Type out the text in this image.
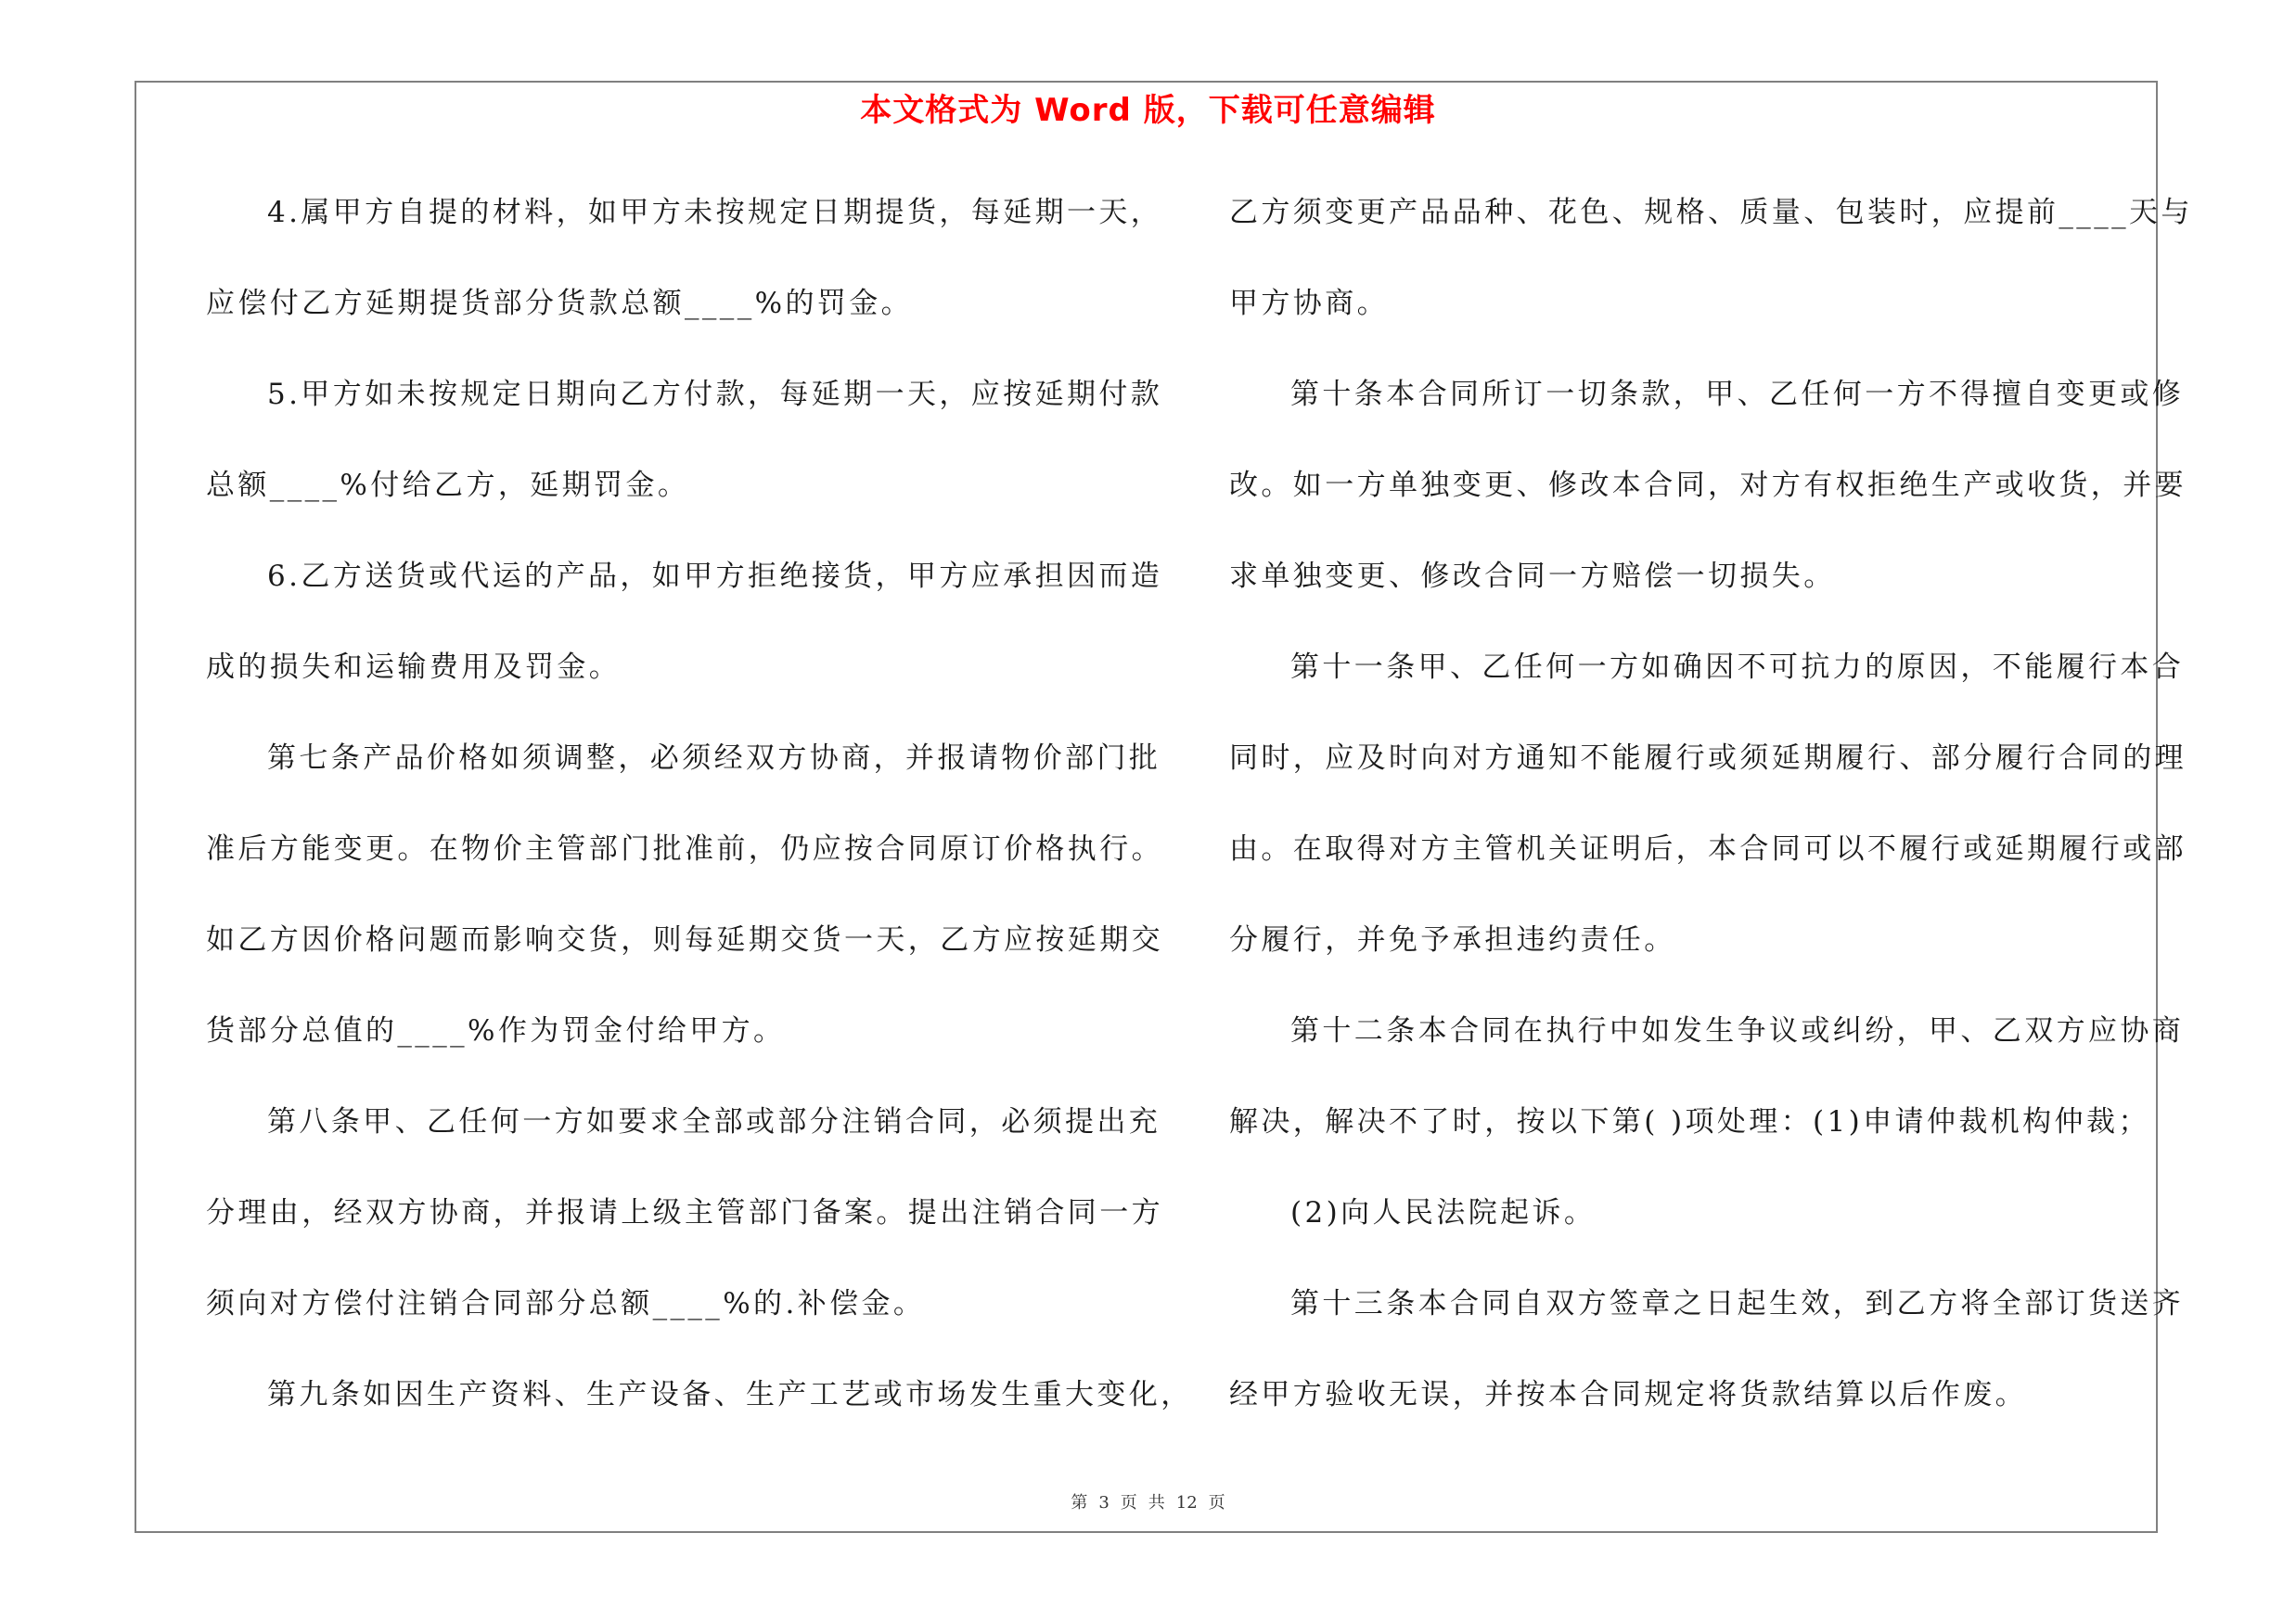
本文格式为 Word 版，下载可任意编辑
4.属甲方自提的材料，如甲方未按规定日期提货，每延期一天，
应偿付乙方延期提货部分货款总额____%的罚金。
5.甲方如未按规定日期向乙方付款，每延期一天，应按延期付款
总额____%付给乙方，延期罚金。
6.乙方送货或代运的产品，如甲方拒绝接货，甲方应承担因而造
成的损失和运输费用及罚金。
第七条产品价格如须调整，必须经双方协商，并报请物价部门批
准后方能变更。在物价主管部门批准前，仍应按合同原订价格执行。
如乙方因价格问题而影响交货，则每延期交货一天，乙方应按延期交
货部分总值的____%作为罚金付给甲方。
第八条甲、乙任何一方如要求全部或部分注销合同，必须提出充
分理由，经双方协商，并报请上级主管部门备案。提出注销合同一方
须向对方偿付注销合同部分总额____%的.补偿金。
第九条如因生产资料、生产设备、生产工艺或市场发生重大变化，
乙方须变更产品品种、花色、规格、质量、包装时，应提前____天与
甲方协商。
第十条本合同所订一切条款，甲、乙任何一方不得擅自变更或修
改。如一方单独变更、修改本合同，对方有权拒绝生产或收货，并要
求单独变更、修改合同一方赔偿一切损失。
第十一条甲、乙任何一方如确因不可抗力的原因，不能履行本合
同时，应及时向对方通知不能履行或须延期履行、部分履行合同的理
由。在取得对方主管机关证明后，本合同可以不履行或延期履行或部
分履行，并免予承担违约责任。
第十二条本合同在执行中如发生争议或纠纷，甲、乙双方应协商
解决，解决不了时，按以下第( )项处理：(1)申请仲裁机构仲裁；
(2)向人民法院起诉。
第十三条本合同自双方签章之日起生效，到乙方将全部订货送齐
经甲方验收无误，并按本合同规定将货款结算以后作废。
第 3 页 共 12 页
